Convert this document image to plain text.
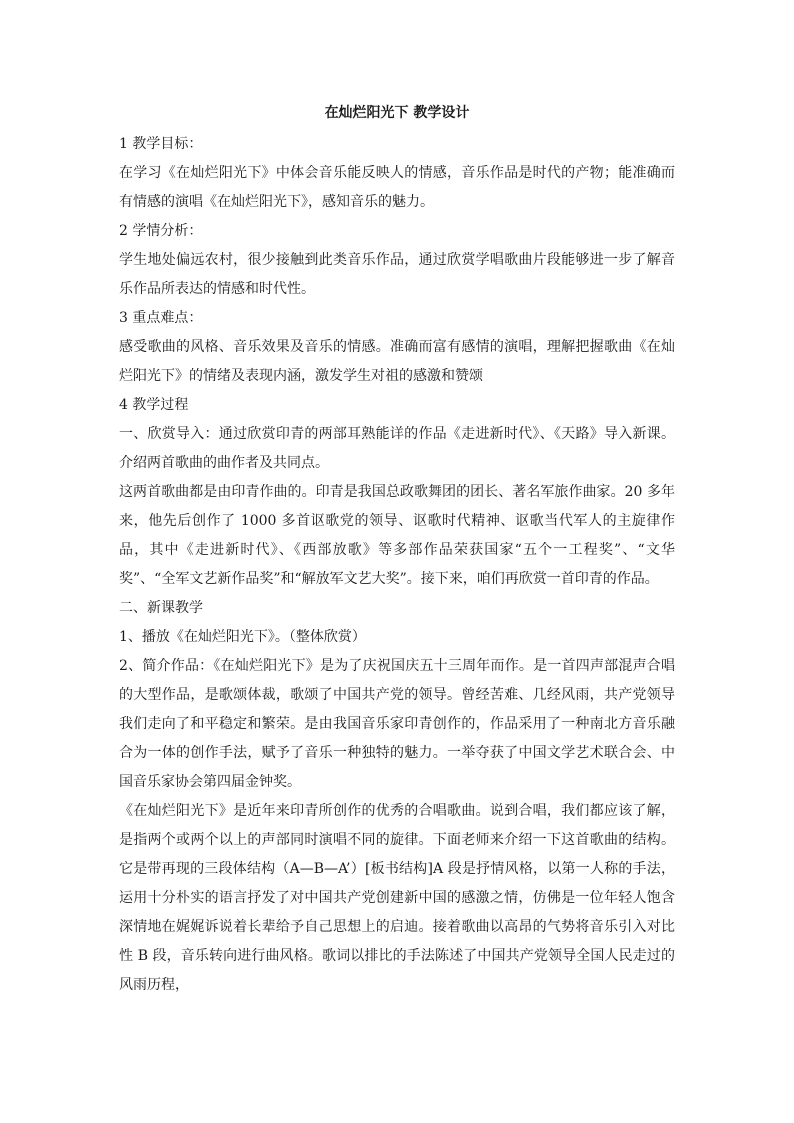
在灿烂阳光下 教学设计

1 教学目标：

在学习《在灿烂阳光下》中体会音乐能反映人的情感，音乐作品是时代的产物；能准确而有情感的演唱《在灿烂阳光下》，感知音乐的魅力。

2 学情分析：

学生地处偏远农村，很少接触到此类音乐作品，通过欣赏学唱歌曲片段能够进一步了解音乐作品所表达的情感和时代性。

3 重点难点：

感受歌曲的风格、音乐效果及音乐的情感。准确而富有感情的演唱，理解把握歌曲《在灿烂阳光下》的情绪及表现内涵，激发学生对祖的感激和赞颂

4 教学过程

一、欣赏导入：通过欣赏印青的两部耳熟能详的作品《走进新时代》、《天路》导入新课。介绍两首歌曲的曲作者及共同点。

这两首歌曲都是由印青作曲的。印青是我国总政歌舞团的团长、著名军旅作曲家。20 多年来，他先后创作了 1000 多首讴歌党的领导、讴歌时代精神、讴歌当代军人的主旋律作品，其中《走进新时代》、《西部放歌》等多部作品荣获国家“五个一工程奖”、“文华奖”、“全军文艺新作品奖”和“解放军文艺大奖”。接下来，咱们再欣赏一首印青的作品。

二、新课教学

1、播放《在灿烂阳光下》。（整体欣赏）

2、简介作品：《在灿烂阳光下》是为了庆祝国庆五十三周年而作。是一首四声部混声合唱的大型作品，是歌颂体裁，歌颂了中国共产党的领导。曾经苦难、几经风雨，共产党领导我们走向了和平稳定和繁荣。是由我国音乐家印青创作的，作品采用了一种南北方音乐融合为一体的创作手法，赋予了音乐一种独特的魅力。一举夺获了中国文学艺术联合会、中国音乐家协会第四届金钟奖。

《在灿烂阳光下》是近年来印青所创作的优秀的合唱歌曲。说到合唱，我们都应该了解，是指两个或两个以上的声部同时演唱不同的旋律。下面老师来介绍一下这首歌曲的结构。它是带再现的三段体结构（A—B—A’）[板书结构]A 段是抒情风格，以第一人称的手法，运用十分朴实的语言抒发了对中国共产党创建新中国的感激之情，仿佛是一位年轻人饱含深情地在娓娓诉说着长辈给予自己思想上的启迪。接着歌曲以高昂的气势将音乐引入对比性 B 段，音乐转向进行曲风格。歌词以排比的手法陈述了中国共产党领导全国人民走过的风雨历程，
